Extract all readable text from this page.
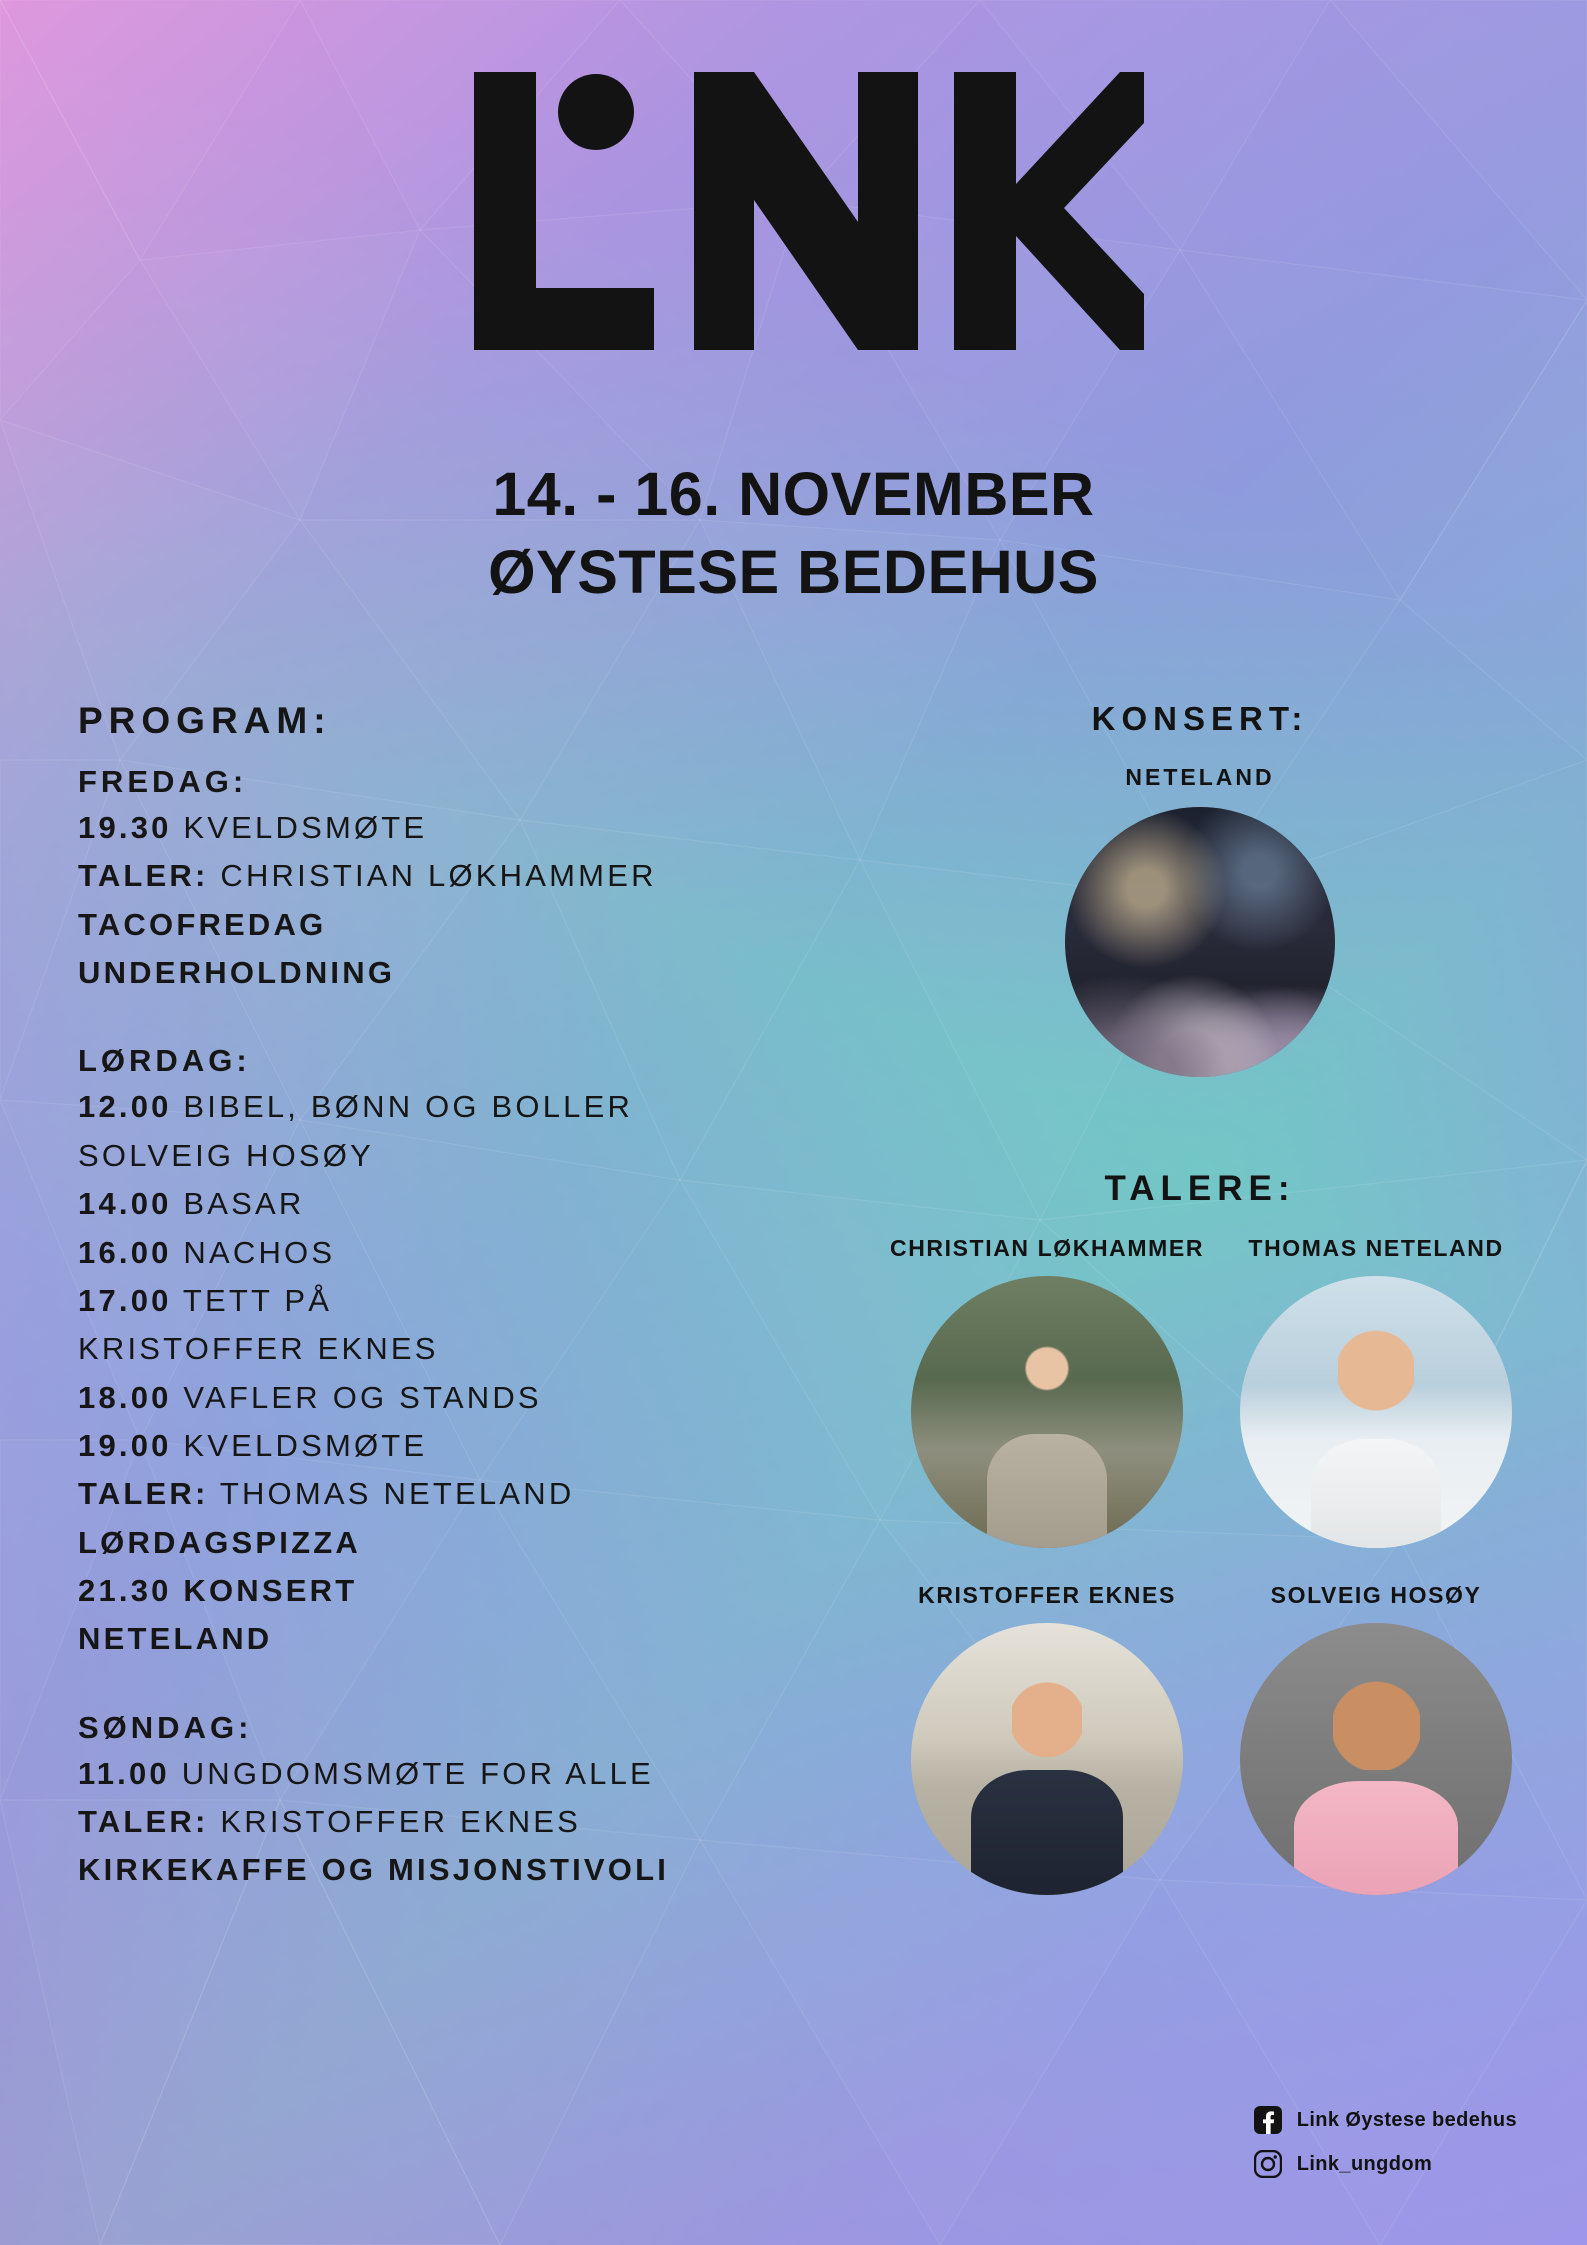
14. - 16. NOVEMBER
ØYSTESE BEDEHUS
PROGRAM:
FREDAG:
19.30 KVELDSMØTE
TALER: CHRISTIAN LØKHAMMER
TACOFREDAG
UNDERHOLDNING
LØRDAG:
12.00 BIBEL, BØNN OG BOLLER
SOLVEIG HOSØY
14.00 BASAR
16.00 NACHOS
17.00 TETT PÅ
KRISTOFFER EKNES
18.00 VAFLER OG STANDS
19.00 KVELDSMØTE
TALER: THOMAS NETELAND
LØRDAGSPIZZA
21.30 KONSERT
NETELAND
SØNDAG:
11.00 UNGDOMSMØTE FOR ALLE
TALER: KRISTOFFER EKNES
KIRKEKAFFE OG MISJONSTIVOLI
KONSERT:
NETELAND
TALERE:
CHRISTIAN LØKHAMMER	THOMAS NETELAND
KRISTOFFER EKNES	SOLVEIG HOSØY
Link Øystese bedehus
Link_ungdom
